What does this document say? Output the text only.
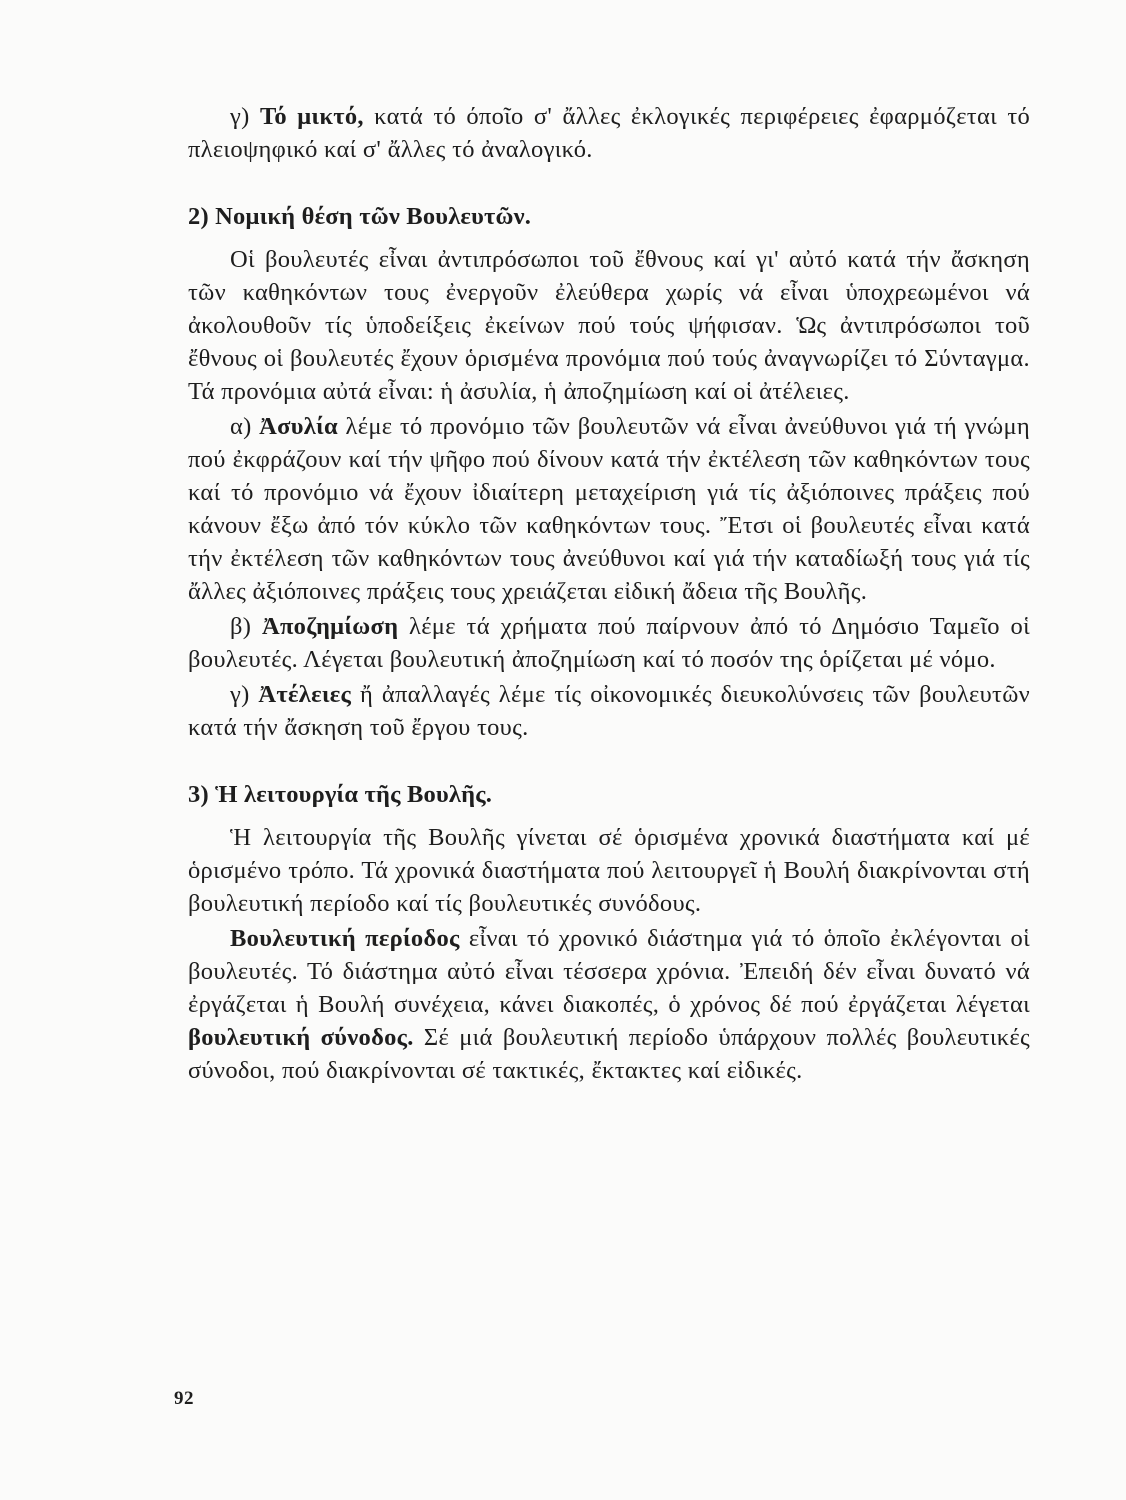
γ) Τό μικτό, κατά τό όποῖο σ' ἄλλες ἐκλογικές περιφέρειες ἐφαρμόζεται τό πλειοψηφικό καί σ' ἄλλες τό ἀναλογικό.

2) Νομική θέση τῶν Βουλευτῶν.

Οἱ βουλευτές εἶναι ἀντιπρόσωποι τοῦ ἔθνους καί γι' αὐτό κατά τήν ἄσκηση τῶν καθηκόντων τους ἐνεργοῦν ἐλεύθερα χωρίς νά εἶναι ὑποχρεωμένοι νά ἀκολουθοῦν τίς ὑποδείξεις ἐκείνων πού τούς ψήφισαν. Ὡς ἀντιπρόσωποι τοῦ ἔθνους οἱ βουλευτές ἔχουν ὁρισμένα προνόμια πού τούς ἀναγνωρίζει τό Σύνταγμα. Τά προνόμια αὐτά εἶναι: ἡ ἀσυλία, ἡ ἀποζημίωση καί οἱ ἀτέλειες.

α) Ἀσυλία λέμε τό προνόμιο τῶν βουλευτῶν νά εἶναι ἀνεύθυνοι γιά τή γνώμη πού ἐκφράζουν καί τήν ψῆφο πού δίνουν κατά τήν ἐκτέλεση τῶν καθηκόντων τους καί τό προνόμιο νά ἔχουν ἰδιαίτερη μεταχείριση γιά τίς ἀξιόποινες πράξεις πού κάνουν ἔξω ἀπό τόν κύκλο τῶν καθηκόντων τους. Ἔτσι οἱ βουλευτές εἶναι κατά τήν ἐκτέλεση τῶν καθηκόντων τους ἀνεύθυνοι καί γιά τήν καταδίωξή τους γιά τίς ἄλλες ἀξιόποινες πράξεις τους χρειάζεται εἰδική ἄδεια τῆς Βουλῆς.

β) Ἀποζημίωση λέμε τά χρήματα πού παίρνουν ἀπό τό Δημόσιο Ταμεῖο οἱ βουλευτές. Λέγεται βουλευτική ἀποζημίωση καί τό ποσόν της ὁρίζεται μέ νόμο.

γ) Ἀτέλειες ἤ ἀπαλλαγές λέμε τίς οἰκονομικές διευκολύνσεις τῶν βουλευτῶν κατά τήν ἄσκηση τοῦ ἔργου τους.

3) Ἡ λειτουργία τῆς Βουλῆς.

Ἡ λειτουργία τῆς Βουλῆς γίνεται σέ ὁρισμένα χρονικά διαστήματα καί μέ ὁρισμένο τρόπο. Τά χρονικά διαστήματα πού λειτουργεῖ ἡ Βουλή διακρίνονται στή βουλευτική περίοδο καί τίς βουλευτικές συνόδους.

Βουλευτική περίοδος εἶναι τό χρονικό διάστημα γιά τό ὁποῖο ἐκλέγονται οἱ βουλευτές. Τό διάστημα αὐτό εἶναι τέσσερα χρόνια. Ἐπειδή δέν εἶναι δυνατό νά ἐργάζεται ἡ Βουλή συνέχεια, κάνει διακοπές, ὁ χρόνος δέ πού ἐργάζεται λέγεται βουλευτική σύνοδος. Σέ μιά βουλευτική περίοδο ὑπάρχουν πολλές βουλευτικές σύνοδοι, πού διακρίνονται σέ τακτικές, ἔκτακτες καί εἰδικές.

92
